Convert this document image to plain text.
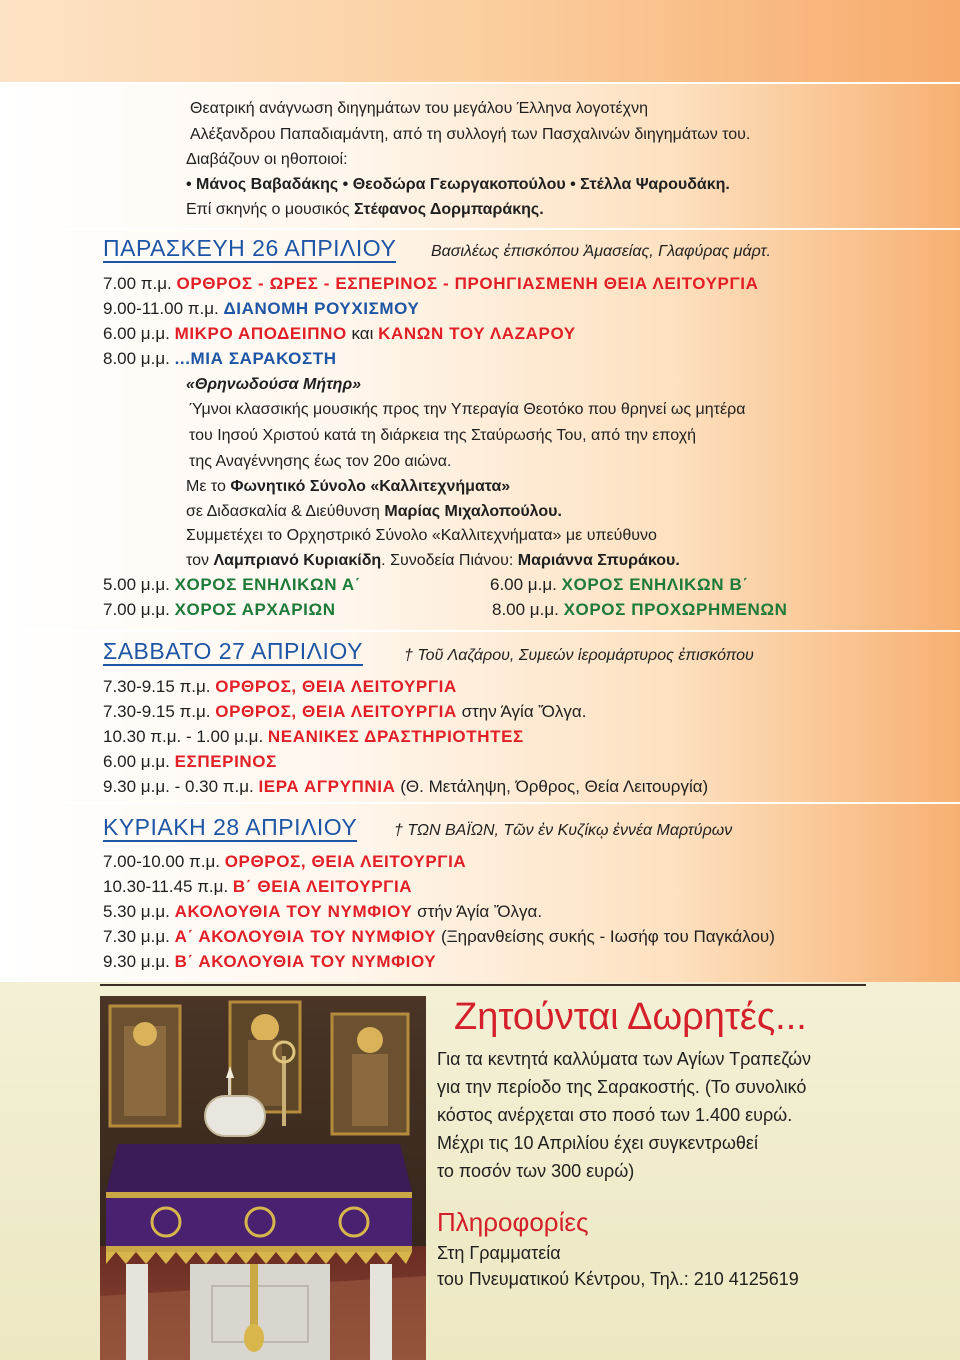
Θεατρική ανάγνωση διηγημάτων του μεγάλου Έλληνα λογοτέχνη
Αλέξανδρου Παπαδιαμάντη, από τη συλλογή των Πασχαλινών διηγημάτων του.
Διαβάζουν οι ηθοποιοί:
• Μάνος Βαβαδάκης • Θεοδώρα Γεωργακοπούλου • Στέλλα Ψαρουδάκη.
Επί σκηνής ο μουσικός Στέφανος Δορμπαράκης.
ΠΑΡΑΣΚΕΥΗ 26 ΑΠΡΙΛΙΟΥ Βασιλέως ἐπισκόπου Ἀμασείας, Γλαφύρας μάρτ.
7.00 π.μ. ΟΡΘΡΟΣ - ΩΡΕΣ - ΕΣΠΕΡΙΝΟΣ - ΠΡΟΗΓΙΑΣΜΕΝΗ ΘΕΙΑ ΛΕΙΤΟΥΡΓΙΑ
9.00-11.00 π.μ. ΔΙΑΝΟΜΗ ΡΟΥΧΙΣΜΟΥ
6.00 μ.μ. ΜΙΚΡΟ ΑΠΟΔΕΙΠΝΟ και ΚΑΝΩΝ ΤΟΥ ΛΑΖΑΡΟΥ
8.00 μ.μ. ...ΜΙΑ ΣΑΡΑΚΟΣΤΗ
«Θρηνωδούσα Μήτηρ»
Ύμνοι κλασσικής μουσικής προς την Υπεραγία Θεοτόκο που θρηνεί ως μητέρα
του Ιησού Χριστού κατά τη διάρκεια της Σταύρωσής Του, από την εποχή
της Αναγέννησης έως τον 20ο αιώνα.
Με το Φωνητικό Σύνολο «Καλλιτεχνήματα»
σε Διδασκαλία & Διεύθυνση Μαρίας Μιχαλοπούλου.
Συμμετέχει το Ορχηστρικό Σύνολο «Καλλιτεχνήματα» με υπεύθυνο
τον Λαμπριανό Κυριακίδη. Συνοδεία Πιάνου: Μαριάννα Σπυράκου.
5.00 μ.μ. ΧΟΡΟΣ ΕΝΗΛΙΚΩΝ Α΄	6.00 μ.μ. ΧΟΡΟΣ ΕΝΗΛΙΚΩΝ Β΄
7.00 μ.μ. ΧΟΡΟΣ ΑΡΧΑΡΙΩΝ	8.00 μ.μ. ΧΟΡΟΣ ΠΡΟΧΩΡΗΜΕΝΩΝ
ΣΑΒΒΑΤΟ 27 ΑΠΡΙΛΙΟΥ	† Τοῦ Λαζάρου, Συμεών ἱερομάρτυρος ἐπισκόπου
7.30-9.15 π.μ. ΟΡΘΡΟΣ, ΘΕΙΑ ΛΕΙΤΟΥΡΓΙΑ
7.30-9.15 π.μ. ΟΡΘΡΟΣ, ΘΕΙΑ ΛΕΙΤΟΥΡΓΙΑ στην Άγία Ὄλγα.
10.30 π.μ. - 1.00 μ.μ. ΝΕΑΝΙΚΕΣ ΔΡΑΣΤΗΡΙΟΤΗΤΕΣ
6.00 μ.μ. ΕΣΠΕΡΙΝΟΣ
9.30 μ.μ. - 0.30 π.μ. ΙΕΡΑ ΑΓΡΥΠΝΙΑ (Θ. Μετάληψη, Όρθρος, Θεία Λειτουργία)
ΚΥΡΙΑΚΗ 28 ΑΠΡΙΛΙΟΥ † ΤΩΝ ΒΑΪΩΝ, Τῶν ἐν Κυζίκῳ ἐννέα Μαρτύρων
7.00-10.00 π.μ. ΟΡΘΡΟΣ, ΘΕΙΑ ΛΕΙΤΟΥΡΓΙΑ
10.30-11.45 π.μ. Β΄ ΘΕΙΑ ΛΕΙΤΟΥΡΓΙΑ
5.30 μ.μ. ΑΚΟΛΟΥΘΙΑ ΤΟΥ ΝΥΜΦΙΟΥ στήν Άγία Ὄλγα.
7.30 μ.μ. Α΄ ΑΚΟΛΟΥΘΙΑ ΤΟΥ ΝΥΜΦΙΟΥ (Ξηρανθείσης συκής - Ιωσήφ του Παγκάλου)
9.30 μ.μ. Β΄ ΑΚΟΛΟΥΘΙΑ ΤΟΥ ΝΥΜΦΙΟΥ
Ζητούνται Δωρητές...
Για τα κεντητά καλλύματα των Αγίων Τραπεζών
για την περίοδο της Σαρακοστής. (Το συνολικό
κόστος ανέρχεται στο ποσό των 1.400 ευρώ.
Μέχρι τις 10 Απριλίου έχει συγκεντρωθεί
το ποσόν των 300 ευρώ)
Πληροφορίες
Στη Γραμματεία
του Πνευματικού Κέντρου, Τηλ.: 210 4125619
